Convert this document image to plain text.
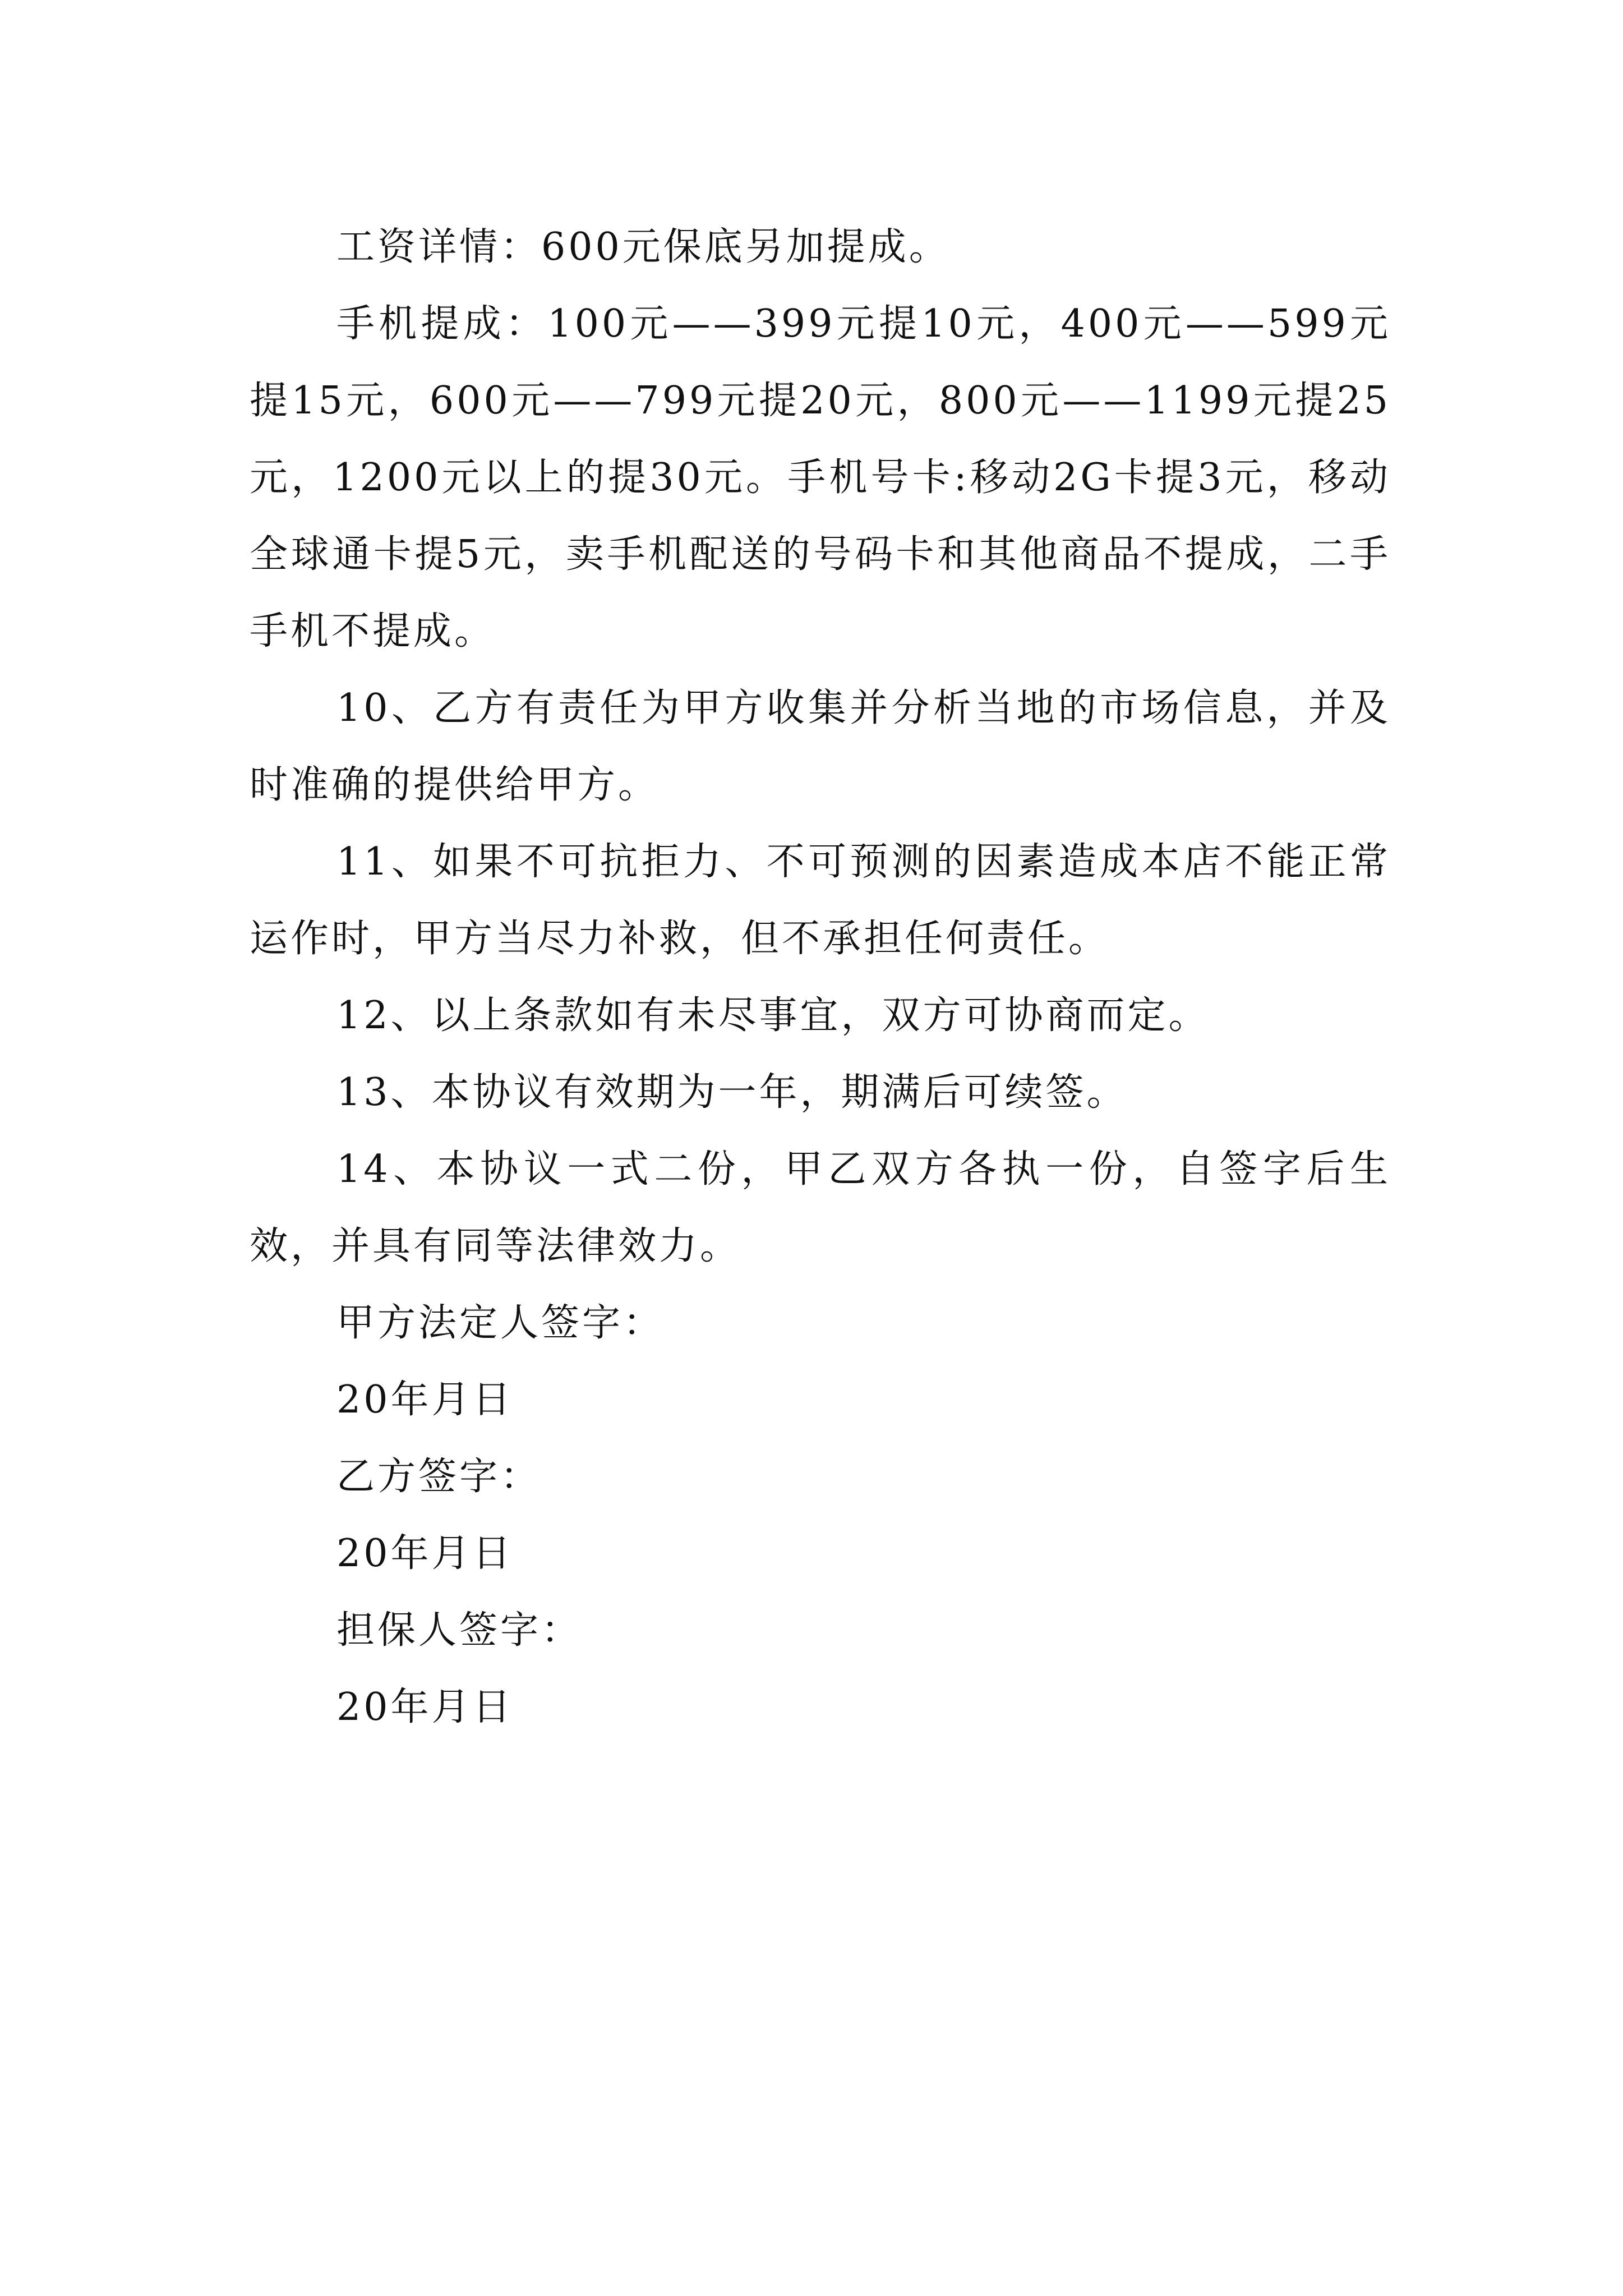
工资详情：600元保底另加提成。

手机提成：100元——399元提10元，400元——599元提15元，600元——799元提20元，800元——1199元提25元，1200元以上的提30元。手机号卡:移动2G卡提3元，移动全球通卡提5元，卖手机配送的号码卡和其他商品不提成，二手手机不提成。

10、乙方有责任为甲方收集并分析当地的市场信息，并及时准确的提供给甲方。

11、如果不可抗拒力、不可预测的因素造成本店不能正常运作时，甲方当尽力补救，但不承担任何责任。

12、以上条款如有未尽事宜，双方可协商而定。

13、本协议有效期为一年，期满后可续签。

14、本协议一式二份，甲乙双方各执一份，自签字后生效，并具有同等法律效力。

甲方法定人签字：

20年月日

乙方签字：

20年月日

担保人签字：

20年月日
